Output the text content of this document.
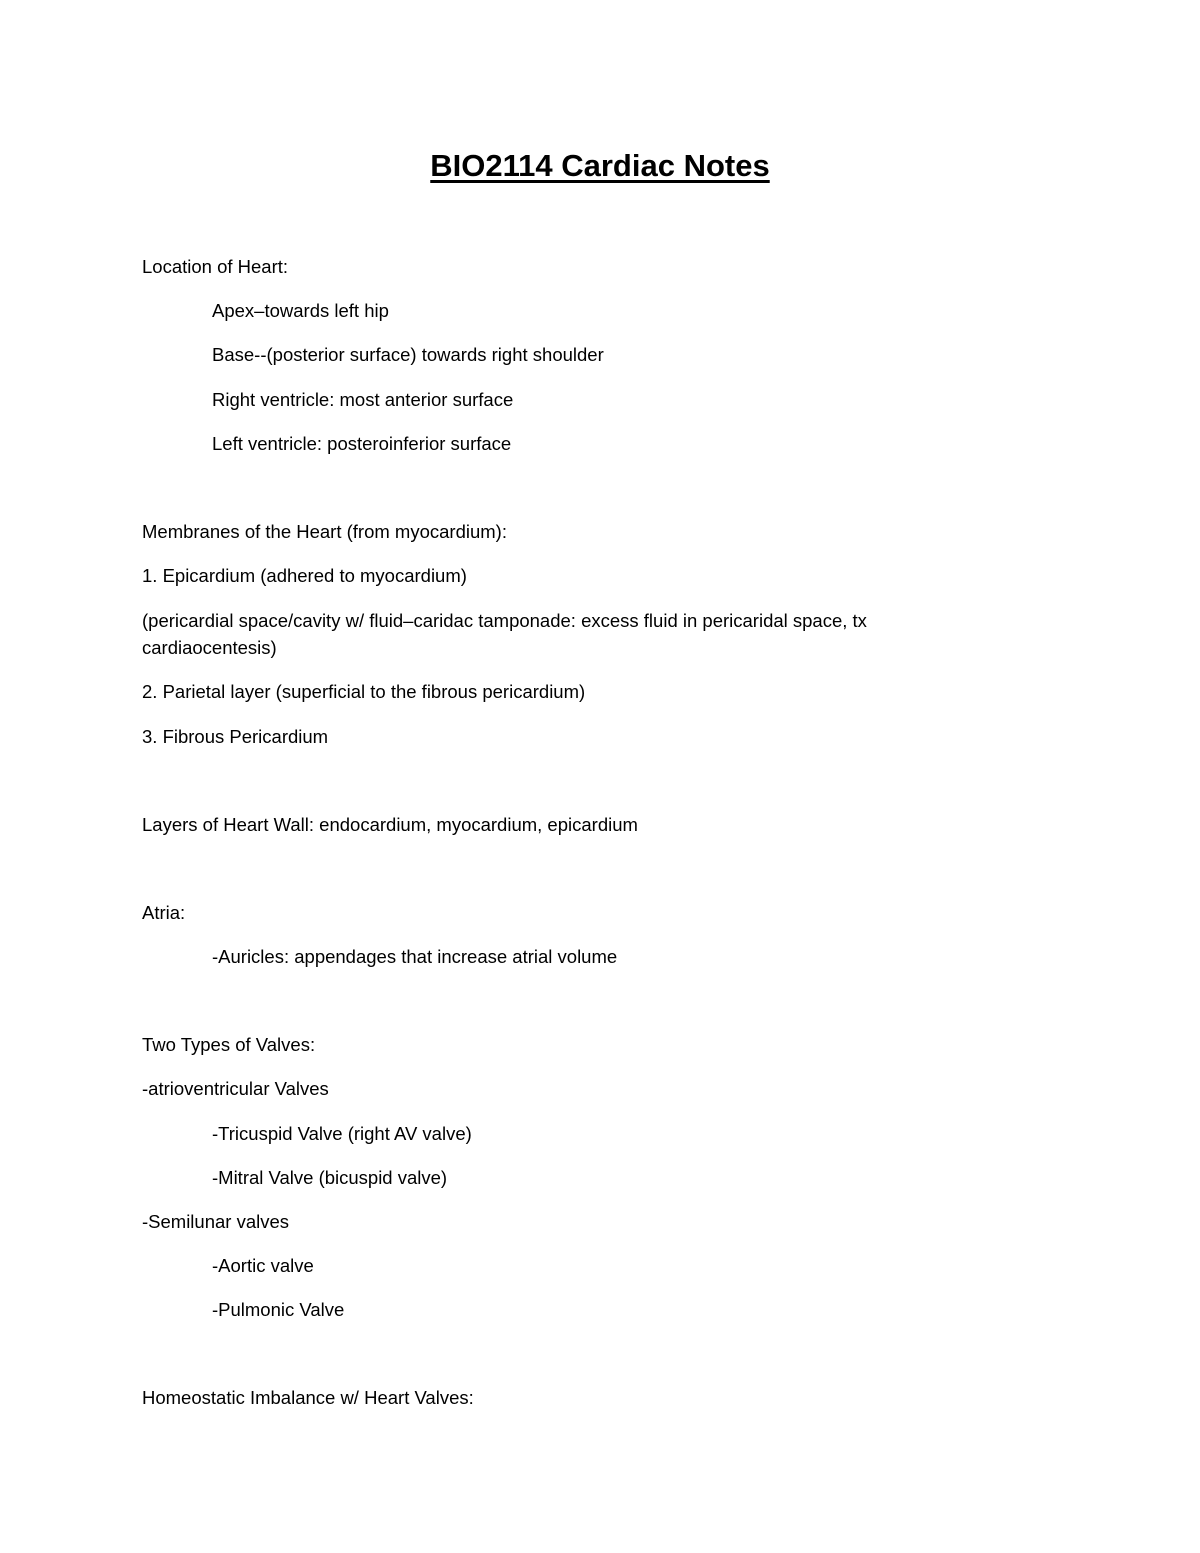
BIO2114 Cardiac Notes
Location of Heart:
Apex–towards left hip
Base--(posterior surface) towards right shoulder
Right ventricle: most anterior surface
Left ventricle: posteroinferior surface
Membranes of the Heart (from myocardium):
1. Epicardium (adhered to myocardium)
(pericardial space/cavity w/ fluid–caridac tamponade: excess fluid in pericaridal space, tx cardiaocentesis)
2. Parietal layer (superficial to the fibrous pericardium)
3. Fibrous Pericardium
Layers of Heart Wall: endocardium, myocardium, epicardium
Atria:
-Auricles: appendages that increase atrial volume
Two Types of Valves:
-atrioventricular Valves
-Tricuspid Valve (right AV valve)
-Mitral Valve (bicuspid valve)
-Semilunar valves
-Aortic valve
-Pulmonic Valve
Homeostatic Imbalance w/ Heart Valves:
